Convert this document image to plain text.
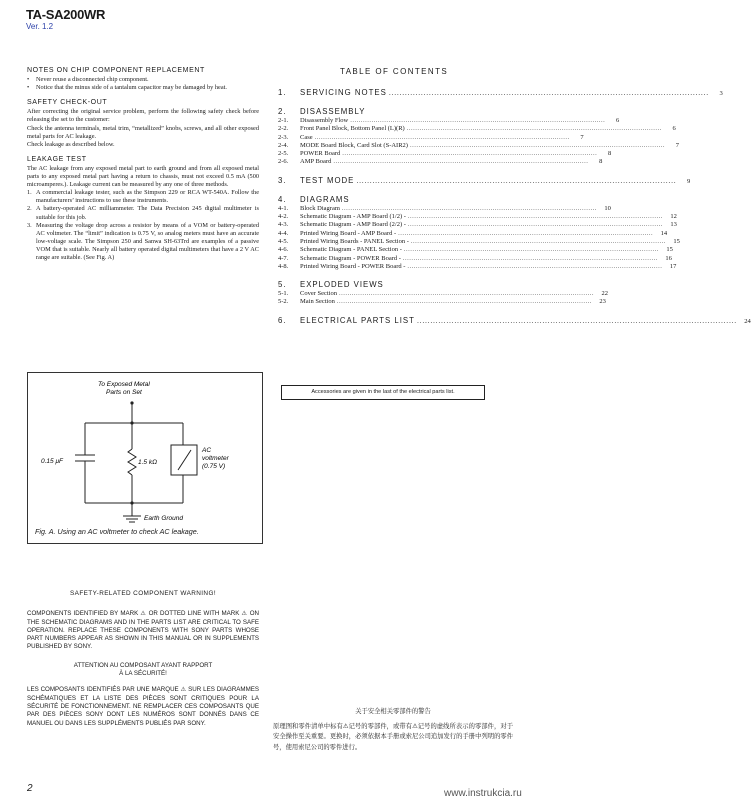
TA-SA200WR
Ver. 1.2
NOTES ON CHIP COMPONENT REPLACEMENT
•	Never reuse a disconnected chip component.
•	Notice that the minus side of a tantalum capacitor may be damaged by heat.
SAFETY CHECK-OUT
After correcting the original service problem, perform the following safety check before releasing the set to the customer:
Check the antenna terminals, metal trim, “metallized” knobs, screws, and all other exposed metal parts for AC leakage.
Check leakage as described below.
LEAKAGE TEST
The AC leakage from any exposed metal part to earth ground and from all exposed metal parts to any exposed metal part having a return to chassis, must not exceed 0.5 mA (500 microamperes.). Leakage current can be measured by any one of three methods.
1. A commercial leakage tester, such as the Simpson 229 or RCA WT-540A. Follow the manufacturers’ instructions to use these instruments.
2. A battery-operated AC milliammeter. The Data Precision 245 digital multimeter is suitable for this job.
3. Measuring the voltage drop across a resistor by means of a VOM or battery-operated AC voltmeter. The “limit” indication is 0.75 V, so analog meters must have an accurate low-voltage scale. The Simpson 250 and Sanwa SH-63Trd are examples of a passive VOM that is suitable. Nearly all battery operated digital multimeters that have a 2 V AC range are suitable. (See Fig. A)
To Exposed Metal
Parts on Set
0.15 μF	1.5 kΩ
AC
voltmeter
(0.75 V)
Earth Ground
Fig. A. Using an AC voltmeter to check AC leakage.
TABLE OF CONTENTS
1.	SERVICING NOTES ........................................................................................................................	3
2.	DISASSEMBLY
2-1.	Disassembly Flow ........................................................................................................................	6
2-2.	Front Panel Block, Bottom Panel (L)(R) ........................................................................................................................	6
2-3.	Case ........................................................................................................................	7
2-4.	MODE Board Block, Card Slot (S-AIR2) ........................................................................................................................	7
2-5.	POWER Board ........................................................................................................................	8
2-6.	AMP Board ........................................................................................................................	8
3.	TEST MODE ........................................................................................................................	9
4.	DIAGRAMS
4-1.	Block Diagram ........................................................................................................................	10
4-2.	Schematic Diagram - AMP Board (1/2) - ........................................................................................................................	12
4-3.	Schematic Diagram - AMP Board (2/2) - ........................................................................................................................	13
4-4.	Printed Wiring Board - AMP Board - ........................................................................................................................	14
4-5.	Printed Wiring Boards - PANEL Section - ........................................................................................................................	15
4-6.	Schematic Diagram - PANEL Section - ........................................................................................................................	15
4-7.	Schematic Diagram - POWER Board - ........................................................................................................................	16
4-8.	Printed Wiring Board - POWER Board - ........................................................................................................................	17
5.	EXPLODED VIEWS
5-1.	Cover Section ........................................................................................................................	22
5-2.	Main Section ........................................................................................................................	23
6.	ELECTRICAL PARTS LIST ........................................................................................................................	24
Accessories are given in the last of the electrical parts list.
SAFETY-RELATED COMPONENT WARNING!
COMPONENTS IDENTIFIED BY MARK ⚠ OR DOTTED LINE WITH MARK ⚠ ON THE SCHEMATIC DIAGRAMS AND IN THE PARTS LIST ARE CRITICAL TO SAFE OPERATION. REPLACE THESE COMPONENTS WITH SONY PARTS WHOSE PART NUMBERS APPEAR AS SHOWN IN THIS MANUAL OR IN SUPPLEMENTS PUBLISHED BY SONY.
ATTENTION AU COMPOSANT AYANT RAPPORT
À LA SÉCURITÉ!
LES COMPOSANTS IDENTIFIÉS PAR UNE MARQUE ⚠ SUR LES DIAGRAMMES SCHÉMATIQUES ET LA LISTE DES PIÈCES SONT CRITIQUES POUR LA SÉCURITÉ DE FONCTIONNEMENT. NE REMPLACER CES COMPOSANTS QUE PAR DES PIÈCES SONY DONT LES NUMÉROS SONT DONNÉS DANS CE MANUEL OU DANS LES SUPPLÉMENTS PUBLIÉS PAR SONY.
关于安全相关零部件的警告
原理图和零件清单中标有⚠记号的零部件，或带有⚠记号的虚线所表示的零部件，对于安全操作至关重要。更换时，必须依据本手册或索尼公司追加发行的手册中列明的零件号，使用索尼公司的零件进行。
2	www.instrukcia.ru
